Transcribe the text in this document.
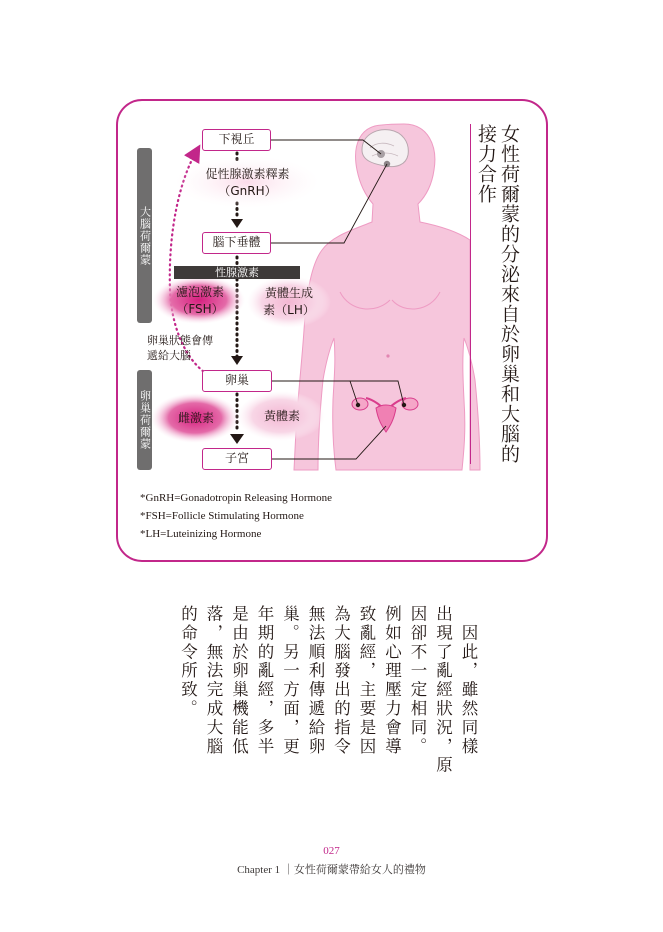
大腦荷爾蒙
卵巢荷爾蒙
下視丘
腦下垂體
卵巢
子宮
促性腺激素釋素
（GnRH）
性腺激素
濾泡激素
（FSH）
黃體生成
素（LH）
卵巢狀態會傳
遞給大腦
雌激素	黃體素	女性荷爾蒙的分泌來自於卵巢和大腦的接力合作
*GnRH=Gonadotropin Releasing Hormone
*FSH=Follicle Stimulating Hormone
*LH=Luteinizing Hormone

　因此，雖然同樣

出現了亂經狀況，原

因卻不一定相同。

例如心理壓力會導

致亂經，主要是因

為大腦發出的指令

無法順利傳遞給卵

巢。另一方面，更

年期的亂經，多半

是由於卵巢機能低

落，無法完成大腦

的命令所致。

027
Chapter 1 ｜女性荷爾蒙帶給女人的禮物
